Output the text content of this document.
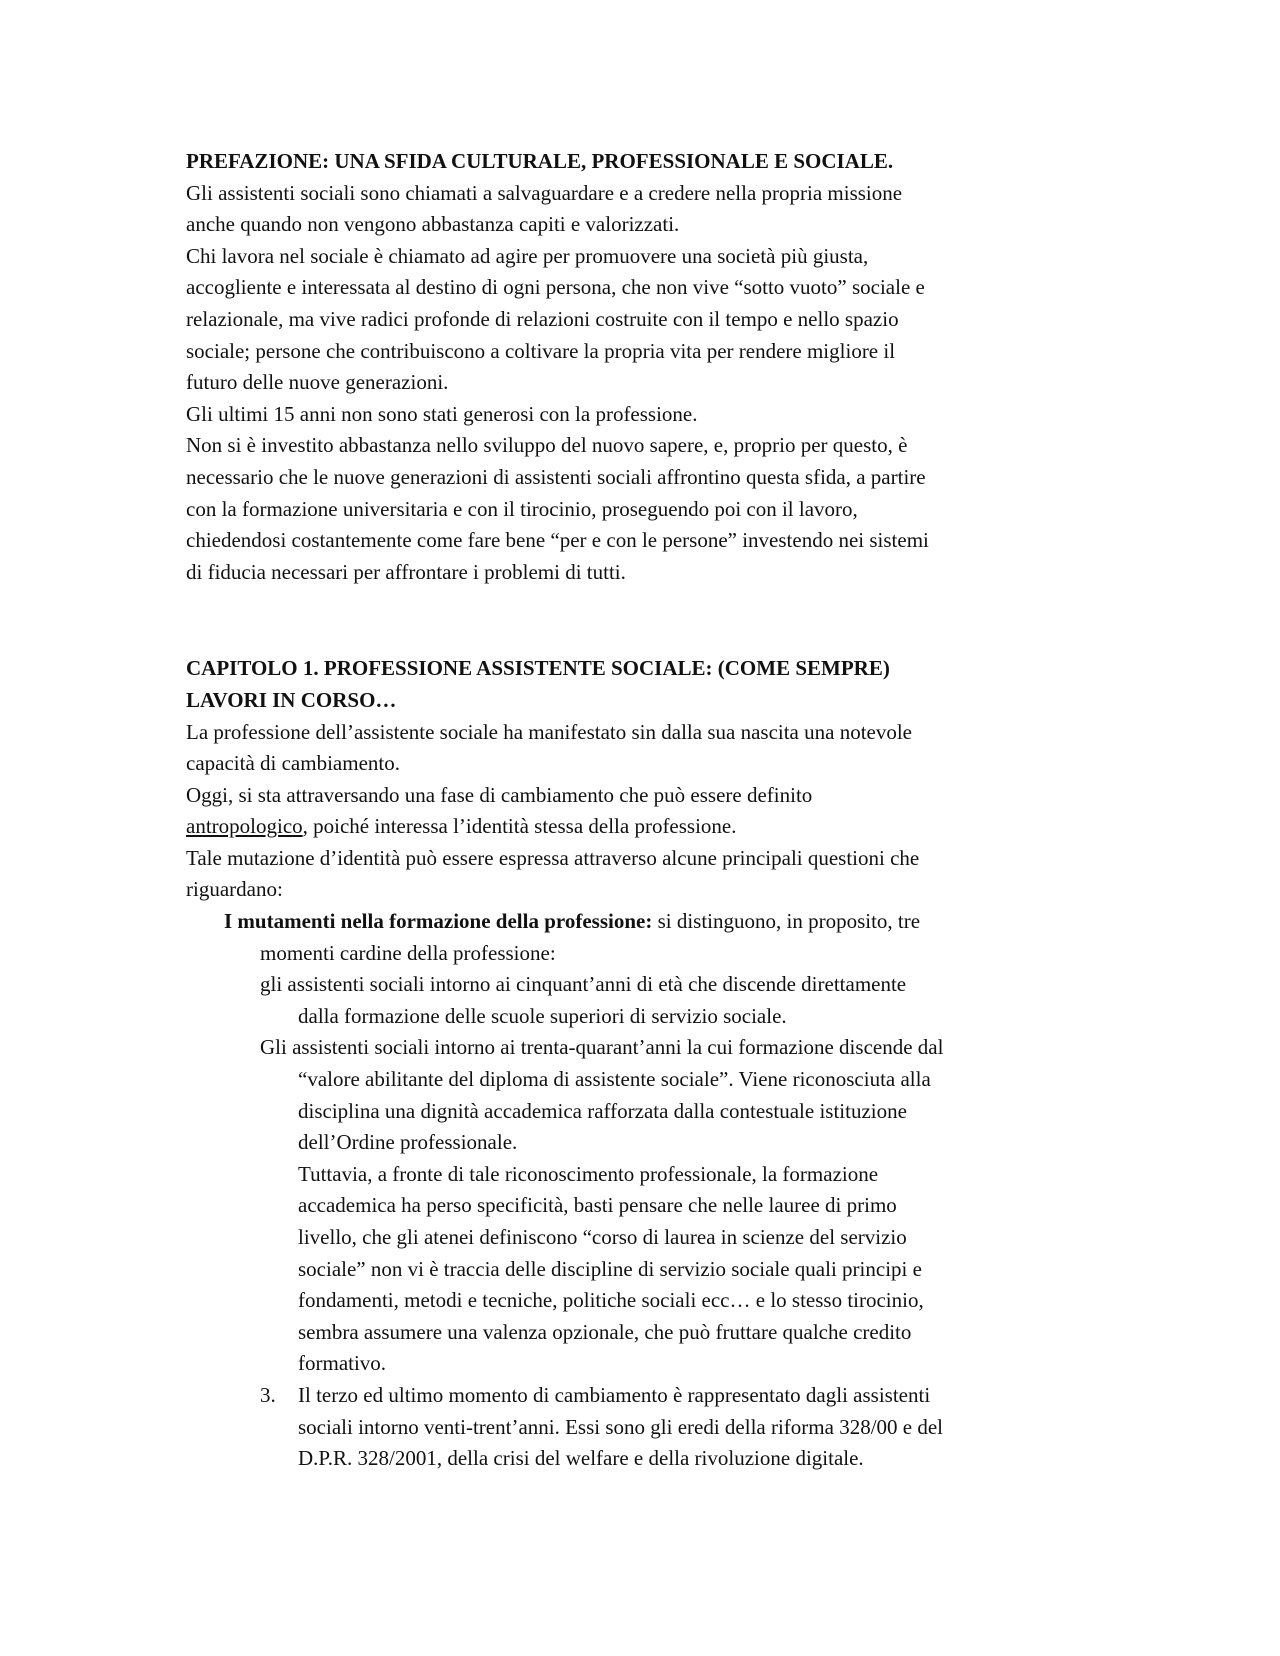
PREFAZIONE: UNA SFIDA CULTURALE, PROFESSIONALE E SOCIALE.
Gli assistenti sociali sono chiamati a salvaguardare e a credere nella propria missione
anche quando non vengono abbastanza capiti e valorizzati.
Chi lavora nel sociale è chiamato ad agire per promuovere una società più giusta,
accogliente e interessata al destino di ogni persona, che non vive “sotto vuoto” sociale e
relazionale, ma vive radici profonde di relazioni costruite con il tempo e nello spazio
sociale; persone che contribuiscono a coltivare la propria vita per rendere migliore il
futuro delle nuove generazioni.
Gli ultimi 15 anni non sono stati generosi con la professione.
Non si è investito abbastanza nello sviluppo del nuovo sapere, e, proprio per questo, è
necessario che le nuove generazioni di assistenti sociali affrontino questa sfida, a partire
con la formazione universitaria e con il tirocinio, proseguendo poi con il lavoro,
chiedendosi costantemente come fare bene “per e con le persone” investendo nei sistemi
di fiducia necessari per affrontare i problemi di tutti.
CAPITOLO 1. PROFESSIONE ASSISTENTE SOCIALE: (COME SEMPRE)
LAVORI IN CORSO…
La professione dell’assistente sociale ha manifestato sin dalla sua nascita una notevole
capacità di cambiamento.
Oggi, si sta attraversando una fase di cambiamento che può essere definito
antropologico, poiché interessa l’identità stessa della professione.
Tale mutazione d’identità può essere espressa attraverso alcune principali questioni che
riguardano:
I mutamenti nella formazione della professione: si distinguono, in proposito, tre
momenti cardine della professione:
gli assistenti sociali intorno ai cinquant’anni di età che discende direttamente
dalla formazione delle scuole superiori di servizio sociale.
Gli assistenti sociali intorno ai trenta-quarant’anni la cui formazione discende dal
“valore abilitante del diploma di assistente sociale”. Viene riconosciuta alla
disciplina una dignità accademica rafforzata dalla contestuale istituzione
dell’Ordine professionale.
Tuttavia, a fronte di tale riconoscimento professionale, la formazione
accademica ha perso specificità, basti pensare che nelle lauree di primo
livello, che gli atenei definiscono “corso di laurea in scienze del servizio
sociale” non vi è traccia delle discipline di servizio sociale quali principi e
fondamenti, metodi e tecniche, politiche sociali ecc… e lo stesso tirocinio,
sembra assumere una valenza opzionale, che può fruttare qualche credito
formativo.
3. Il terzo ed ultimo momento di cambiamento è rappresentato dagli assistenti
sociali intorno venti-trent’anni. Essi sono gli eredi della riforma 328/00 e del
D.P.R. 328/2001, della crisi del welfare e della rivoluzione digitale.
